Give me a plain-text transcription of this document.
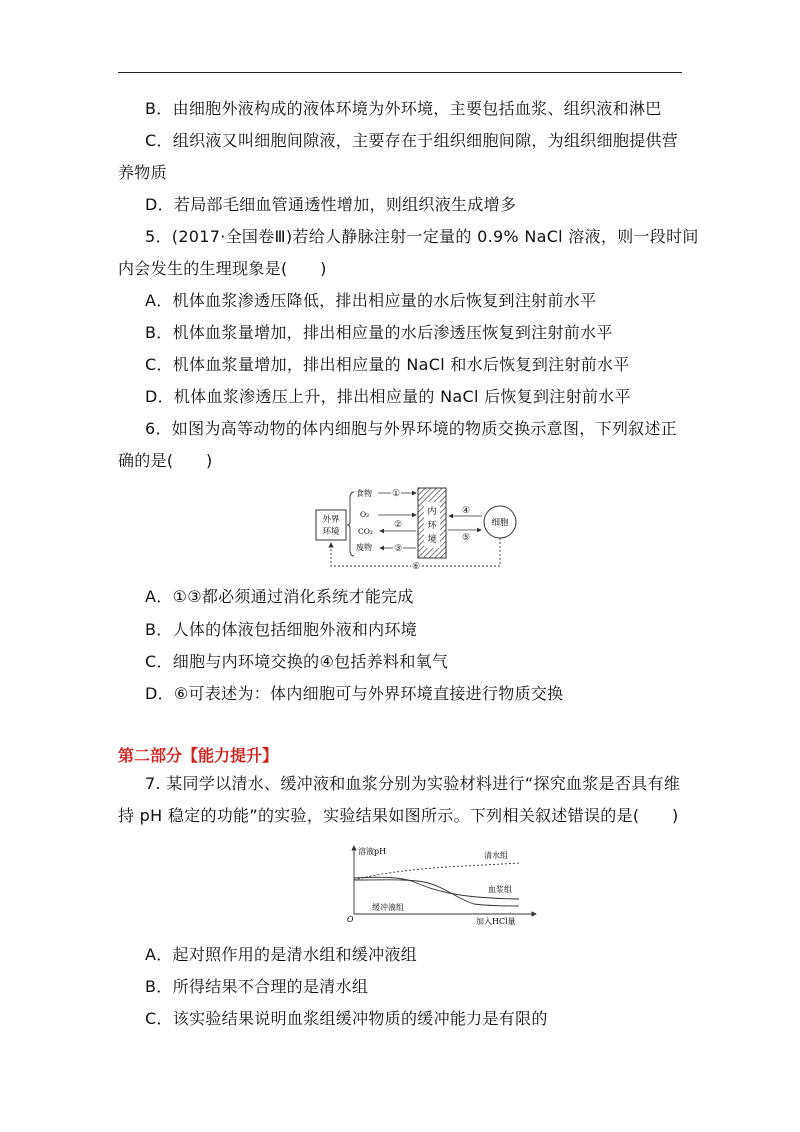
B．由细胞外液构成的液体环境为外环境，主要包括血浆、组织液和淋巴
C．组织液又叫细胞间隙液，主要存在于组织细胞间隙，为组织细胞提供营
养物质
D．若局部毛细血管通透性增加，则组织液生成增多
5．(2017·全国卷Ⅲ)若给人静脉注射一定量的 0.9% NaCl 溶液，则一段时间
内会发生的生理现象是(　　)
A．机体血浆渗透压降低，排出相应量的水后恢复到注射前水平
B．机体血浆量增加，排出相应量的水后渗透压恢复到注射前水平
C．机体血浆量增加，排出相应量的 NaCl 和水后恢复到注射前水平
D．机体血浆渗透压上升，排出相应量的 NaCl 后恢复到注射前水平
6．如图为高等动物的体内细胞与外界环境的物质交换示意图，下列叙述正
确的是(　　)
外界
环境
食物
O₂
CO₂
废物
①
②
③
内
环
境
④
⑤
细胞
⑥
A．①③都必须通过消化系统才能完成
B．人体的体液包括细胞外液和内环境
C．细胞与内环境交换的④包括养料和氧气
D．⑥可表述为：体内细胞可与外界环境直接进行物质交换
第二部分【能力提升】
7. 某同学以清水、缓冲液和血浆分别为实验材料进行“探究血浆是否具有维
持 pH 稳定的功能”的实验，实验结果如图所示。下列相关叙述错误的是(　　)
溶液pH
加入HCl量
O
清水组
血浆组
缓冲液组
A．起对照作用的是清水组和缓冲液组
B．所得结果不合理的是清水组
C．该实验结果说明血浆组缓冲物质的缓冲能力是有限的
